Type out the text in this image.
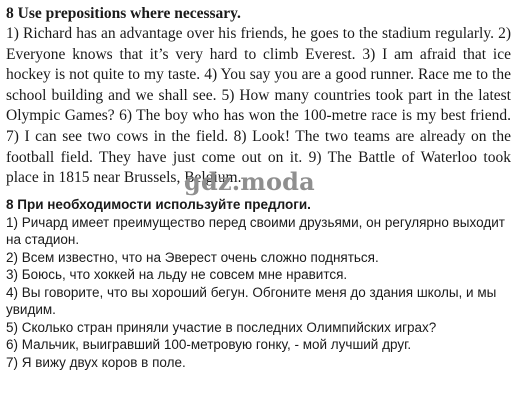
8 Use prepositions where necessary.

1) Richard has an advantage over his friends, he goes to the stadium regularly. 2) Everyone knows that it’s very hard to climb Everest. 3) I am afraid that ice hockey is not quite to my taste. 4) You say you are a good runner. Race me to the school building and we shall see. 5) How many countries took part in the latest Olympic Games? 6) The boy who has won the 100-metre race is my best friend. 7) I can see two cows in the field. 8) Look! The two teams are already on the football field. They have just come out on it. 9) The Battle of Waterloo took place in 1815 near Brussels, Belgium.

gdz.moda

8 При необходимости используйте предлоги.

1) Ричард имеет преимущество перед своими друзьями, он регулярно выходит на стадион.

2) Всем известно, что на Эверест очень сложно подняться.

3) Боюсь, что хоккей на льду не совсем мне нравится.

4) Вы говорите, что вы хороший бегун. Обгоните меня до здания школы, и мы увидим.

5) Сколько стран приняли участие в последних Олимпийских играх?

6) Мальчик, выигравший 100-метровую гонку, - мой лучший друг.

7) Я вижу двух коров в поле.
